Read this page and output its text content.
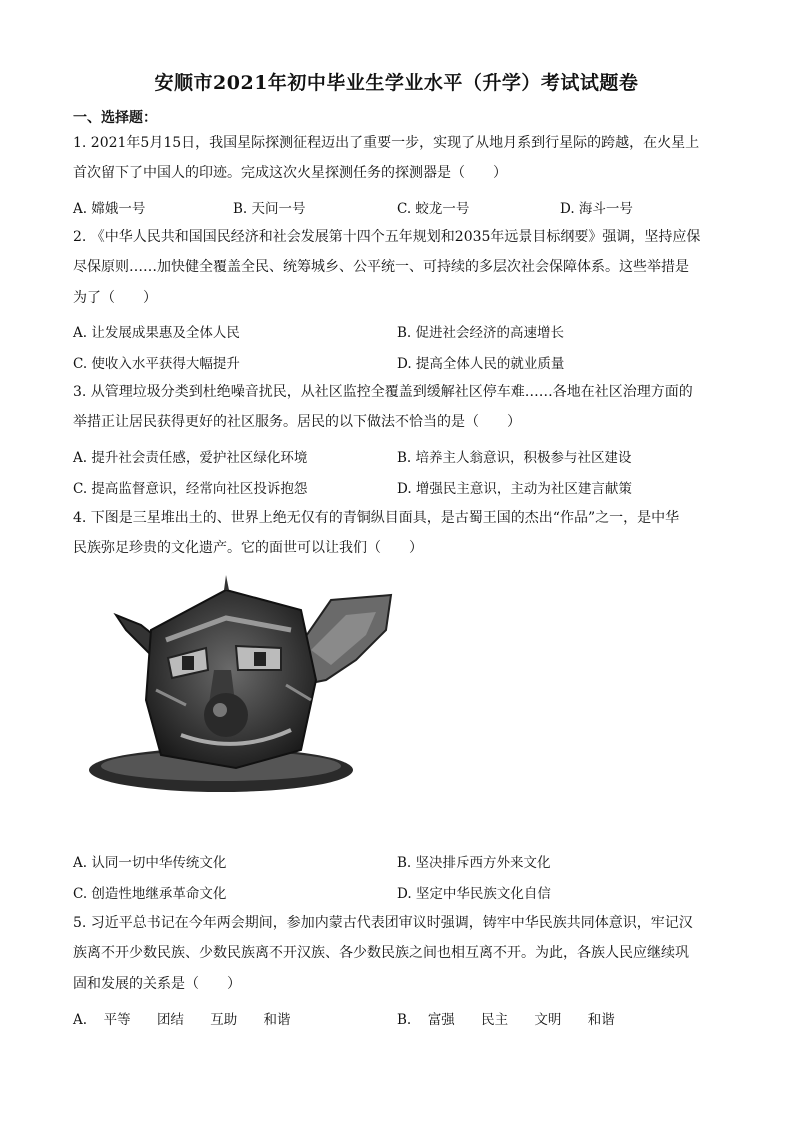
安顺市2021年初中毕业生学业水平（升学）考试试题卷
一、选择题：
1. 2021年5月15日，我国星际探测征程迈出了重要一步，实现了从地月系到行星际的跨越，在火星上
首次留下了中国人的印迹。完成这次火星探测任务的探测器是（　　）
A. 嫦娥一号	B. 天问一号	C. 蛟龙一号	D. 海斗一号
2. 《中华人民共和国国民经济和社会发展第十四个五年规划和2035年远景目标纲要》强调，坚持应保
尽保原则……加快健全覆盖全民、统筹城乡、公平统一、可持续的多层次社会保障体系。这些举措是
为了（　　）
A. 让发展成果惠及全体人民	B. 促进社会经济的高速增长
C. 使收入水平获得大幅提升	D. 提高全体人民的就业质量
3. 从管理垃圾分类到杜绝噪音扰民，从社区监控全覆盖到缓解社区停车难……各地在社区治理方面的
举措正让居民获得更好的社区服务。居民的以下做法不恰当的是（　　）
A. 提升社会责任感，爱护社区绿化环境	B. 培养主人翁意识，积极参与社区建设
C. 提高监督意识，经常向社区投诉抱怨	D. 增强民主意识，主动为社区建言献策
4. 下图是三星堆出土的、世界上绝无仅有的青铜纵目面具，是古蜀王国的杰出“作品”之一，是中华
民族弥足珍贵的文化遗产。它的面世可以让我们（　　）
A. 认同一切中华传统文化	B. 坚决排斥西方外来文化
C. 创造性地继承革命文化	D. 坚定中华民族文化自信
5. 习近平总书记在今年两会期间，参加内蒙古代表团审议时强调，铸牢中华民族共同体意识，牢记汉
族离不开少数民族、少数民族离不开汉族、各少数民族之间也相互离不开。为此，各族人民应继续巩
固和发展的关系是（　　）
A. 平等 团结 互助 和谐	B. 富强 民主 文明 和谐
